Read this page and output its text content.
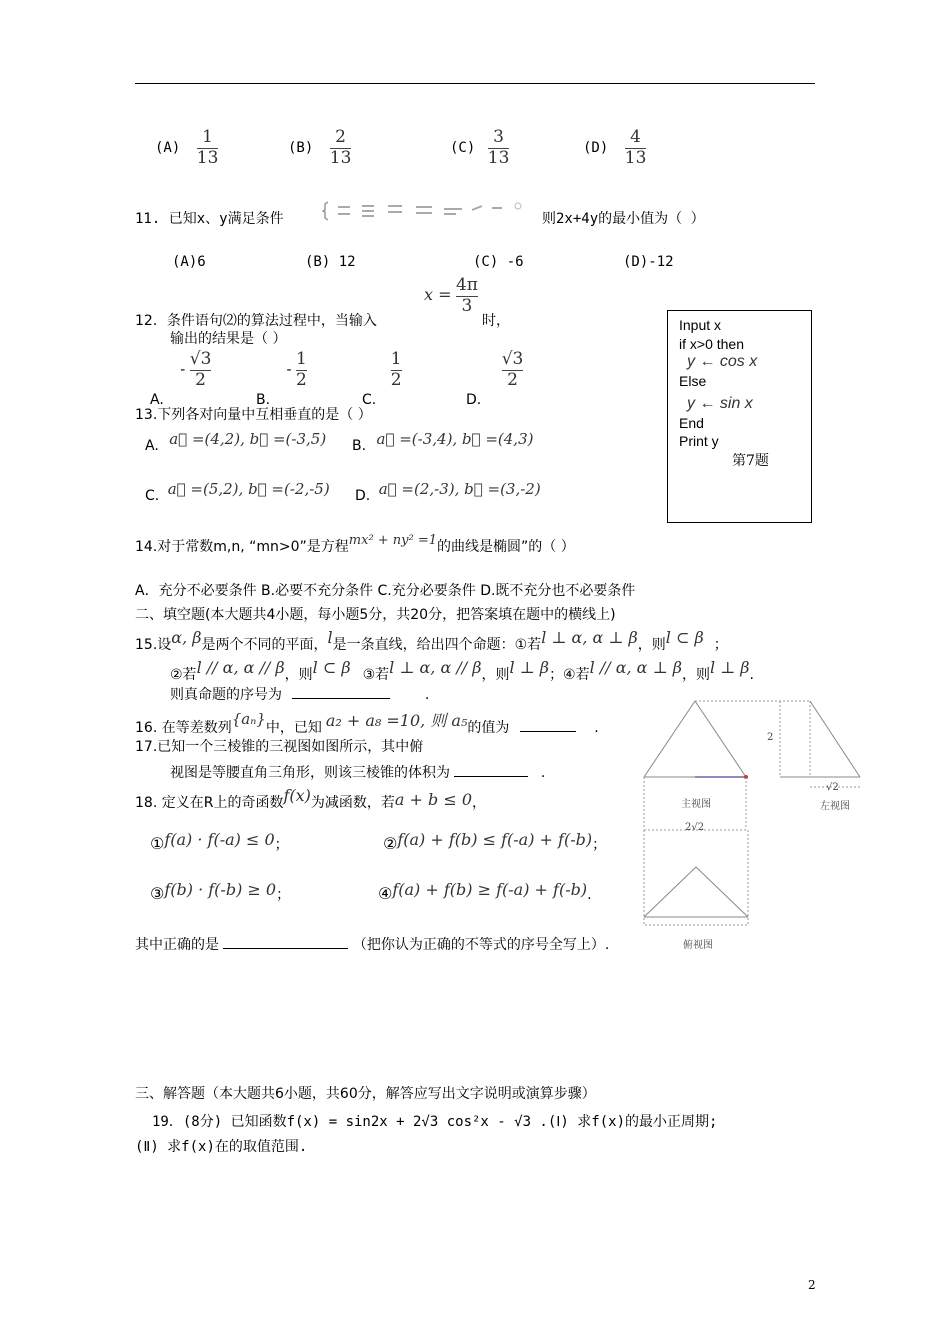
$(A) \frac{1}{13}$	$(B) \frac{2}{13}$	$(C) \frac{3}{13}$	$(D) \frac{4}{13}$
11. 已知x、y满足条件	则2x+4y的最小值为（ ）
(A)6	(B) 12	(C) -6	(D)-12
12．条件语句⑵的算法过程中，当输入
$x = \frac{4\pi}{3}$
时，
输出的结果是（ ）
A. - $\frac{√3}{2}$
B. - $\frac{1}{2}$
C.
$\frac{1}{2}$
D.
$\frac{√3}{2}$
Input x
if x>0 then
y ← cos x
Else
y ← sin x
End
Print y
第7题
13.下列各对向量中互相垂直的是（ ）
A. a⃗ =(4,2), b⃗ =(-3,5) B. a⃗ =(-3,4), b⃗ =(4,3)
C. a⃗ =(5,2), b⃗ =(-2,-5) D. a⃗ =(2,-3), b⃗ =(3,-2)
14.对于常数m,n, “mn>0”是方程mx² + ny² =1的曲线是椭圆”的（ ）
A．充分不必要条件 B.必要不充分条件 C.充分必要条件 D.既不充分也不必要条件
二、填空题(本大题共4小题，每小题5分，共20分，把答案填在题中的横线上)
15.设α, β是两个不同的平面，l是一条直线，给出四个命题：①若l ⊥ α, α ⊥ β，则l ⊂ β ；
②若l // α, α // β，则l ⊂ β ③若l ⊥ α, α // β，则l ⊥ β；④若l // α, α ⊥ β，则l ⊥ β.
则真命题的序号为	.
16. 在等差数列{aₙ}中，已知 a₂ + a₈ =10, 则 a₅的值为	.
17.已知一个三棱锥的三视图如图所示，其中俯
视图是等腰直角三角形，则该三棱锥的体积为	.
18. 定义在R上的奇函数f(x)为减函数，若a + b ≤ 0，
①f(a) · f(-a) ≤ 0；	②f(a) + f(b) ≤ f(-a) + f(-b)；
③f(b) · f(-b) ≥ 0；	④f(a) + f(b) ≥ f(-a) + f(-b).
其中正确的是	（把你认为正确的不等式的序号全写上）.
2
主视图
√2
左视图
2√2
俯视图
三、解答题（本大题共6小题，共60分，解答应写出文字说明或演算步骤）
19．(8分) 已知函数f(x) = sin2x + 2√3 cos²x - √3 .(Ⅰ) 求f(x)的最小正周期;
(Ⅱ) 求f(x)在的取值范围.
2
